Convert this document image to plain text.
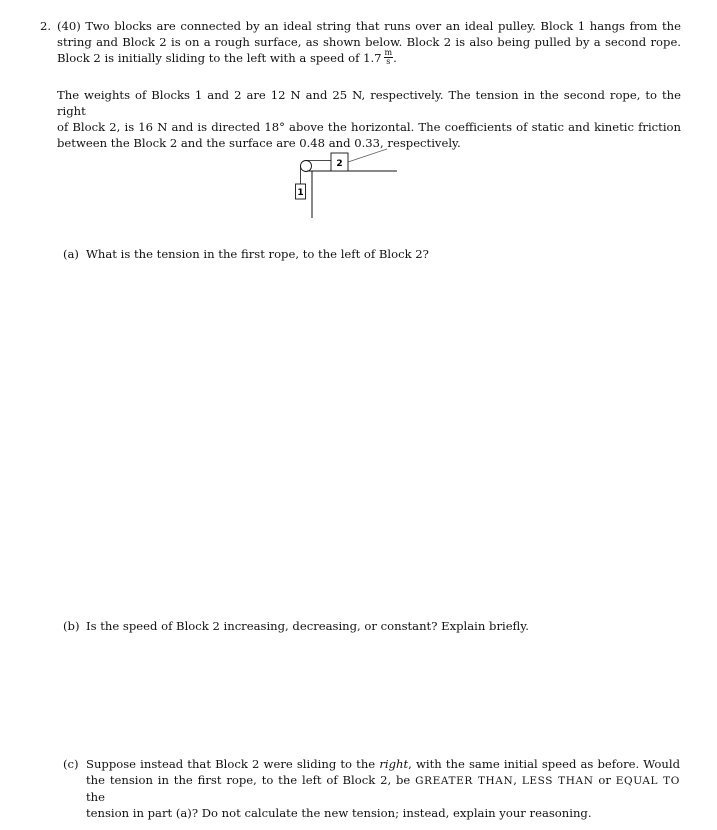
2. (40) Two blocks are connected by an ideal string that runs over an ideal pulley. Block 1 hangs from the
string and Block 2 is on a rough surface, as shown below. Block 2 is also being pulled by a second rope.
Block 2 is initially sliding to the left with a speed of $1.7 \frac{m}{s}$ .
The weights of Blocks 1 and 2 are 12 N and 25 N, respectively. The tension in the second rope, to the right
of Block 2, is 16 N and is directed 18° above the horizontal. The coefficients of static and kinetic friction
between the Block 2 and the surface are 0.48 and 0.33, respectively.
1
2
(a) What is the tension in the first rope, to the left of Block 2?
(b) Is the speed of Block 2 increasing, decreasing, or constant? Explain briefly.
(c) Suppose instead that Block 2 were sliding to the right, with the same initial speed as before. Would
the tension in the first rope, to the left of Block 2, be GREATER THAN, LESS THAN or EQUAL TO the
tension in part (a)? Do not calculate the new tension; instead, explain your reasoning.
